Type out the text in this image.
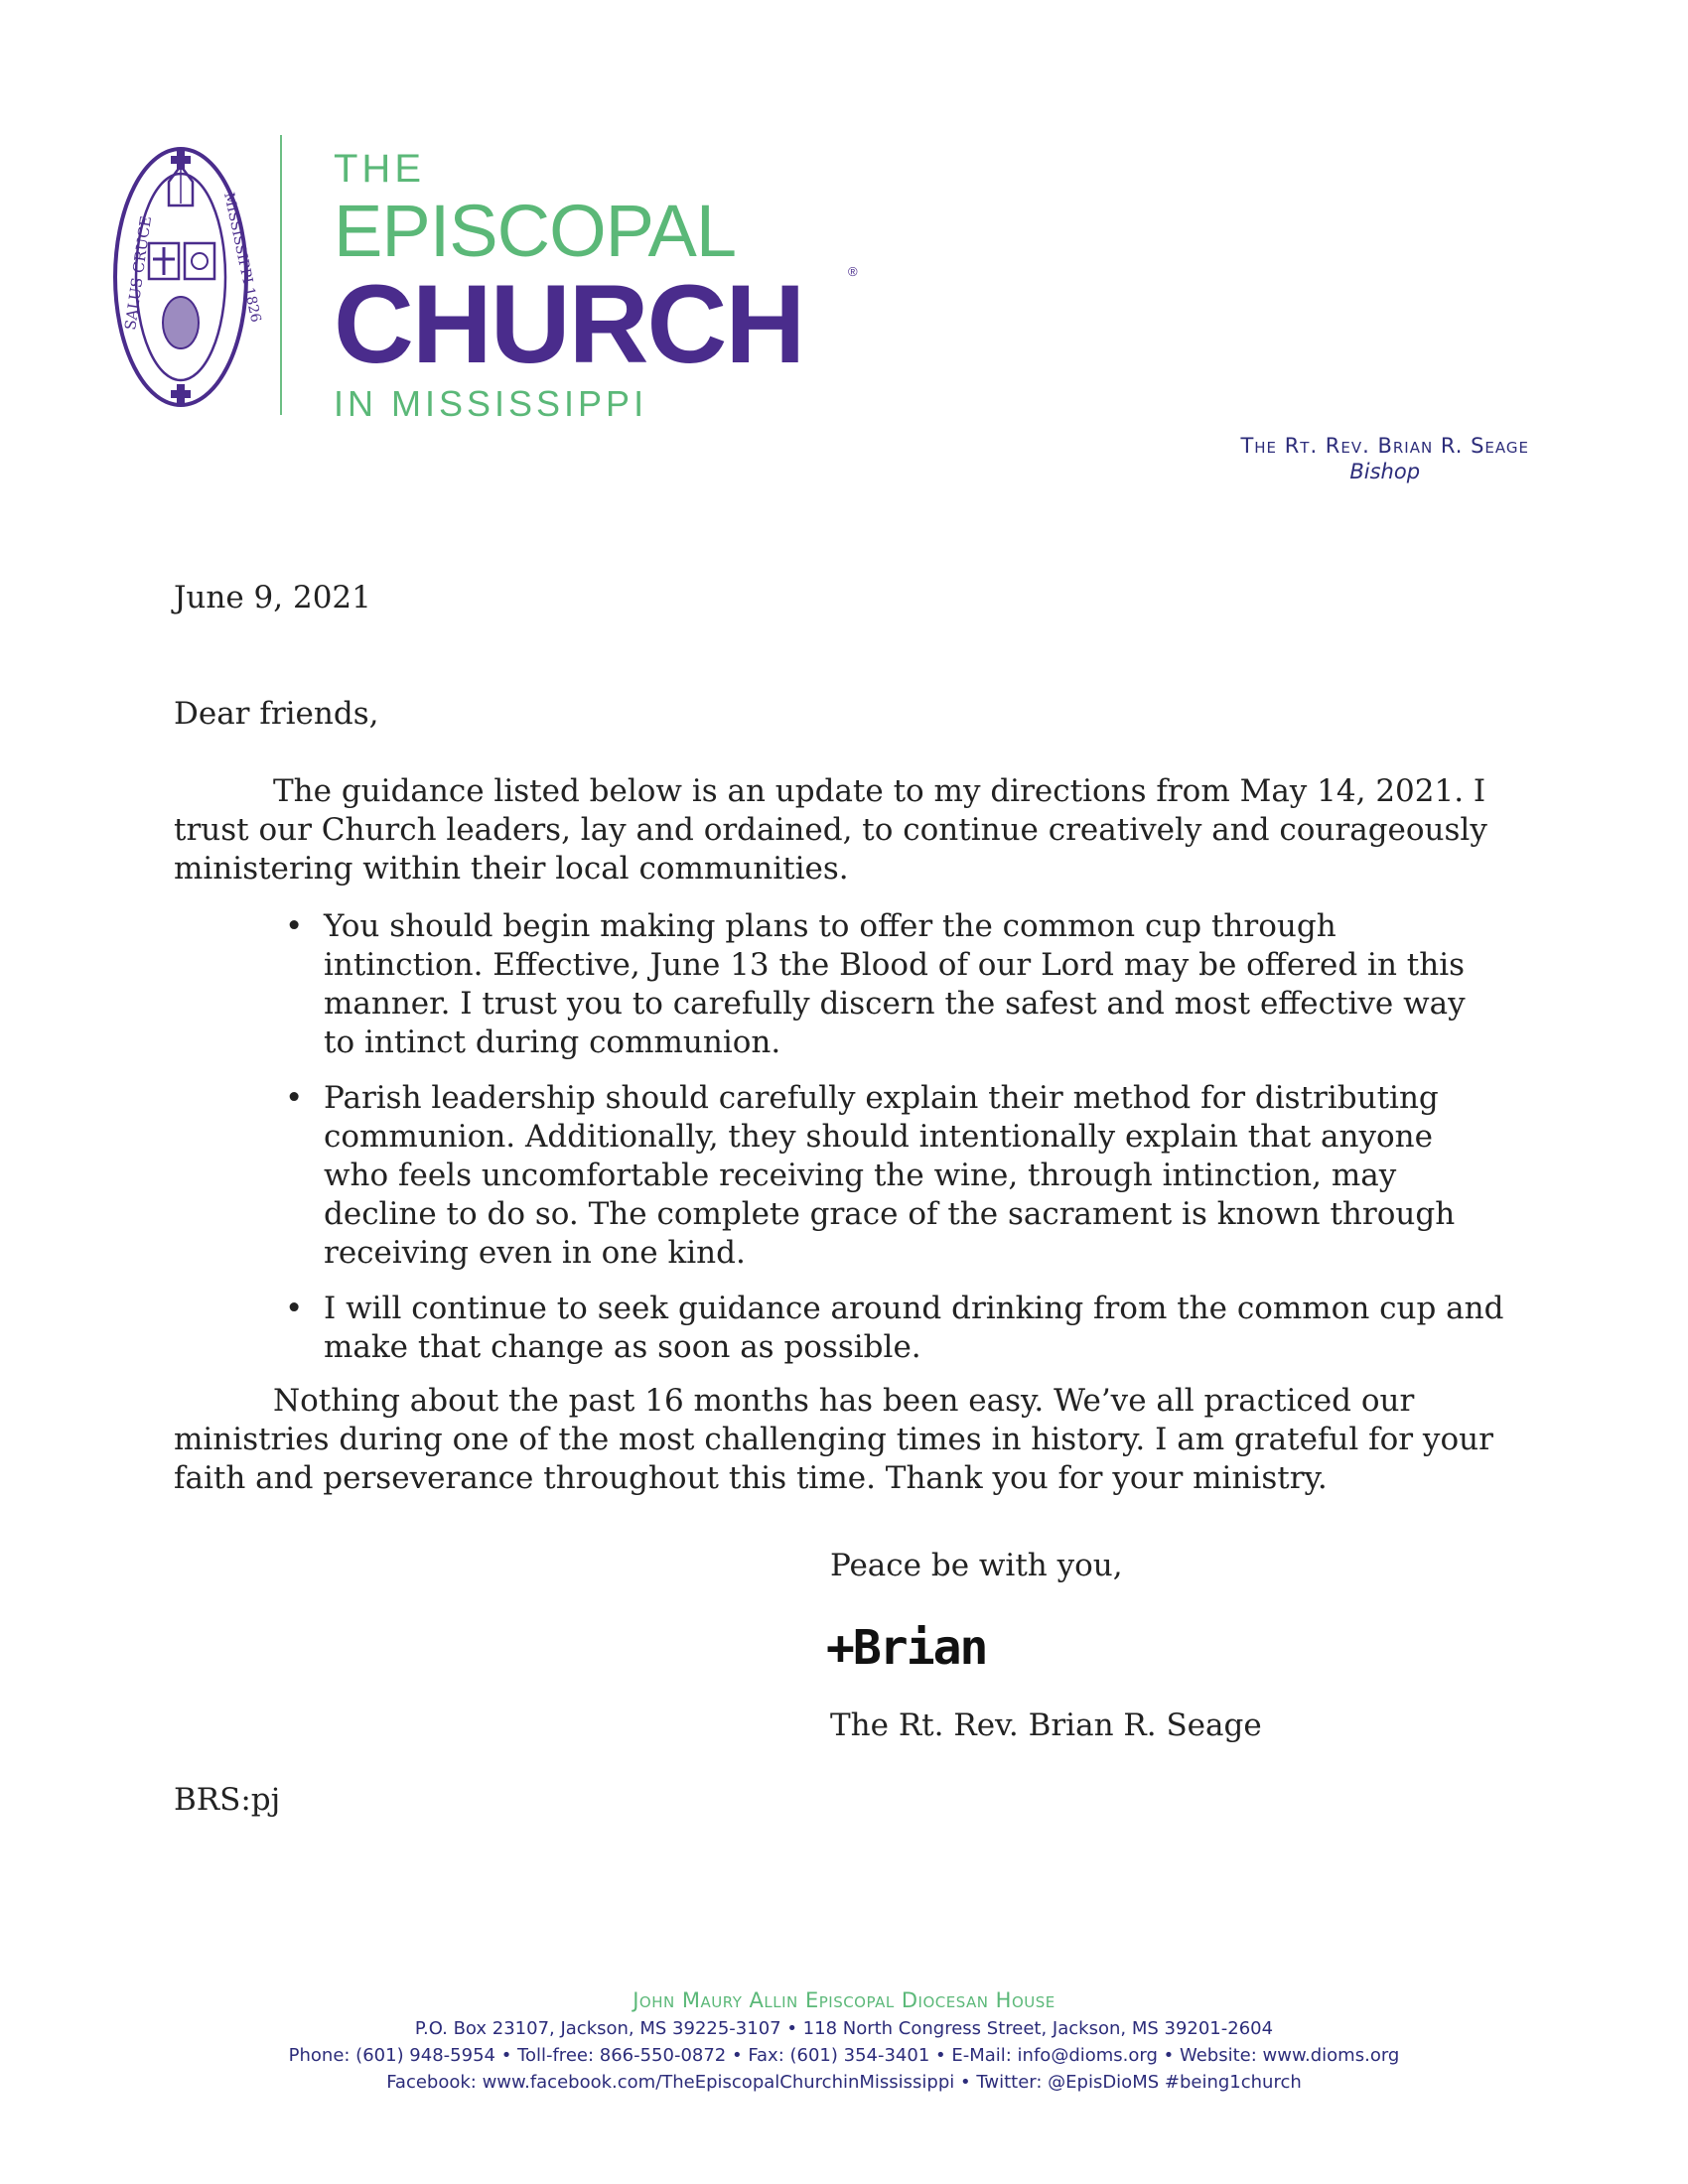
SALUS CRUCE	MISSISSIPPI 1826
THE
EPISCOPAL
CHURCH	®
IN MISSISSIPPI
The Rt. Rev. Brian R. Seage
Bishop
June 9, 2021
Dear friends,
The guidance listed below is an update to my directions from May 14, 2021. I trust our Church leaders, lay and ordained, to continue creatively and courageously ministering within their local communities.
• You should begin making plans to offer the common cup through intinction. Effective, June 13 the Blood of our Lord may be offered in this manner. I trust you to carefully discern the safest and most effective way to intinct during communion.
• Parish leadership should carefully explain their method for distributing communion. Additionally, they should intentionally explain that anyone who feels uncomfortable receiving the wine, through intinction, may decline to do so. The complete grace of the sacrament is known through receiving even in one kind.
• I will continue to seek guidance around drinking from the common cup and make that change as soon as possible.
Nothing about the past 16 months has been easy. We’ve all practiced our ministries during one of the most challenging times in history. I am grateful for your faith and perseverance throughout this time. Thank you for your ministry.
Peace be with you,
+Brian
The Rt. Rev. Brian R. Seage
BRS:pj
John Maury Allin Episcopal Diocesan House
P.O. Box 23107, Jackson, MS 39225-3107 • 118 North Congress Street, Jackson, MS 39201-2604
Phone: (601) 948-5954 • Toll-free: 866-550-0872 • Fax: (601) 354-3401 • E-Mail: info@dioms.org • Website: www.dioms.org
Facebook: www.facebook.com/TheEpiscopalChurchinMississippi • Twitter: @EpisDioMS #being1church
